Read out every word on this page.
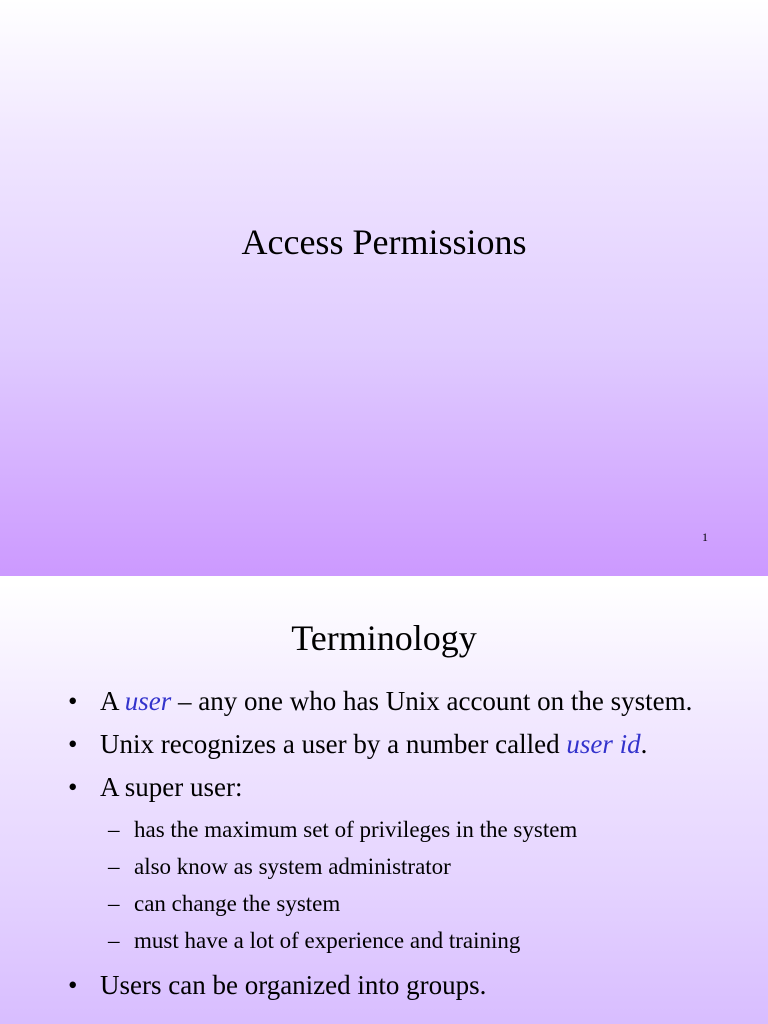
Access Permissions
1
Terminology
• A user – any one who has Unix account on the system.
• Unix recognizes a user by a number called user id.
• A super user:
– has the maximum set of privileges in the system
– also know as system administrator
– can change the system
– must have a lot of experience and training
• Users can be organized into groups.
